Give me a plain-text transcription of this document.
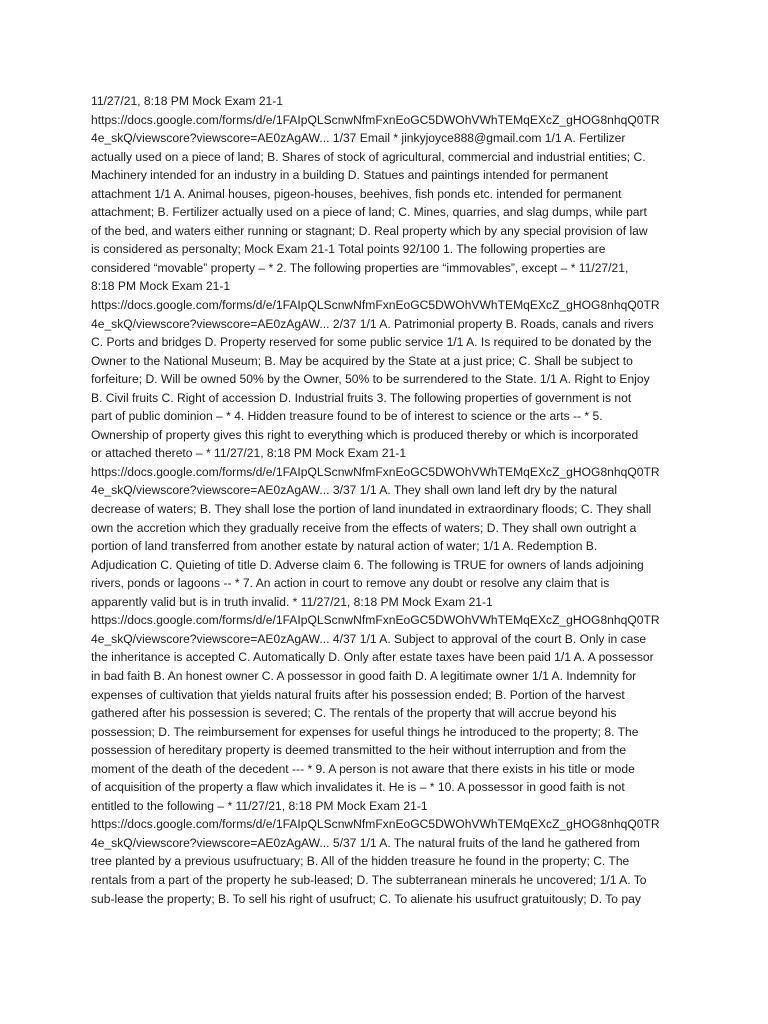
11/27/21, 8:18 PM Mock Exam 21-1
https://docs.google.com/forms/d/e/1FAIpQLScnwNfmFxnEoGC5DWOhVWhTEMqEXcZ_gHOG8nhqQ0TR
4e_skQ/viewscore?viewscore=AE0zAgAW... 1/37 Email * jinkyjoyce888@gmail.com 1/1 A. Fertilizer
actually used on a piece of land; B. Shares of stock of agricultural, commercial and industrial entities; C.
Machinery intended for an industry in a building D. Statues and paintings intended for permanent
attachment 1/1 A. Animal houses, pigeon-houses, beehives, fish ponds etc. intended for permanent
attachment; B. Fertilizer actually used on a piece of land; C. Mines, quarries, and slag dumps, while part
of the bed, and waters either running or stagnant; D. Real property which by any special provision of law
is considered as personalty; Mock Exam 21-1 Total points 92/100 1. The following properties are
considered “movable” property – * 2. The following properties are “immovables”, except – * 11/27/21,
8:18 PM Mock Exam 21-1
https://docs.google.com/forms/d/e/1FAIpQLScnwNfmFxnEoGC5DWOhVWhTEMqEXcZ_gHOG8nhqQ0TR
4e_skQ/viewscore?viewscore=AE0zAgAW... 2/37 1/1 A. Patrimonial property B. Roads, canals and rivers
C. Ports and bridges D. Property reserved for some public service 1/1 A. Is required to be donated by the
Owner to the National Museum; B. May be acquired by the State at a just price; C. Shall be subject to
forfeiture; D. Will be owned 50% by the Owner, 50% to be surrendered to the State. 1/1 A. Right to Enjoy
B. Civil fruits C. Right of accession D. Industrial fruits 3. The following properties of government is not
part of public dominion – * 4. Hidden treasure found to be of interest to science or the arts -- * 5.
Ownership of property gives this right to everything which is produced thereby or which is incorporated
or attached thereto – * 11/27/21, 8:18 PM Mock Exam 21-1
https://docs.google.com/forms/d/e/1FAIpQLScnwNfmFxnEoGC5DWOhVWhTEMqEXcZ_gHOG8nhqQ0TR
4e_skQ/viewscore?viewscore=AE0zAgAW... 3/37 1/1 A. They shall own land left dry by the natural
decrease of waters; B. They shall lose the portion of land inundated in extraordinary floods; C. They shall
own the accretion which they gradually receive from the effects of waters; D. They shall own outright a
portion of land transferred from another estate by natural action of water; 1/1 A. Redemption B.
Adjudication C. Quieting of title D. Adverse claim 6. The following is TRUE for owners of lands adjoining
rivers, ponds or lagoons -- * 7. An action in court to remove any doubt or resolve any claim that is
apparently valid but is in truth invalid. * 11/27/21, 8:18 PM Mock Exam 21-1
https://docs.google.com/forms/d/e/1FAIpQLScnwNfmFxnEoGC5DWOhVWhTEMqEXcZ_gHOG8nhqQ0TR
4e_skQ/viewscore?viewscore=AE0zAgAW... 4/37 1/1 A. Subject to approval of the court B. Only in case
the inheritance is accepted C. Automatically D. Only after estate taxes have been paid 1/1 A. A possessor
in bad faith B. An honest owner C. A possessor in good faith D. A legitimate owner 1/1 A. Indemnity for
expenses of cultivation that yields natural fruits after his possession ended; B. Portion of the harvest
gathered after his possession is severed; C. The rentals of the property that will accrue beyond his
possession; D. The reimbursement for expenses for useful things he introduced to the property; 8. The
possession of hereditary property is deemed transmitted to the heir without interruption and from the
moment of the death of the decedent --- * 9. A person is not aware that there exists in his title or mode
of acquisition of the property a flaw which invalidates it. He is – * 10. A possessor in good faith is not
entitled to the following – * 11/27/21, 8:18 PM Mock Exam 21-1
https://docs.google.com/forms/d/e/1FAIpQLScnwNfmFxnEoGC5DWOhVWhTEMqEXcZ_gHOG8nhqQ0TR
4e_skQ/viewscore?viewscore=AE0zAgAW... 5/37 1/1 A. The natural fruits of the land he gathered from
tree planted by a previous usufructuary; B. All of the hidden treasure he found in the property; C. The
rentals from a part of the property he sub-leased; D. The subterranean minerals he uncovered; 1/1 A. To
sub-lease the property; B. To sell his right of usufruct; C. To alienate his usufruct gratuitously; D. To pay
